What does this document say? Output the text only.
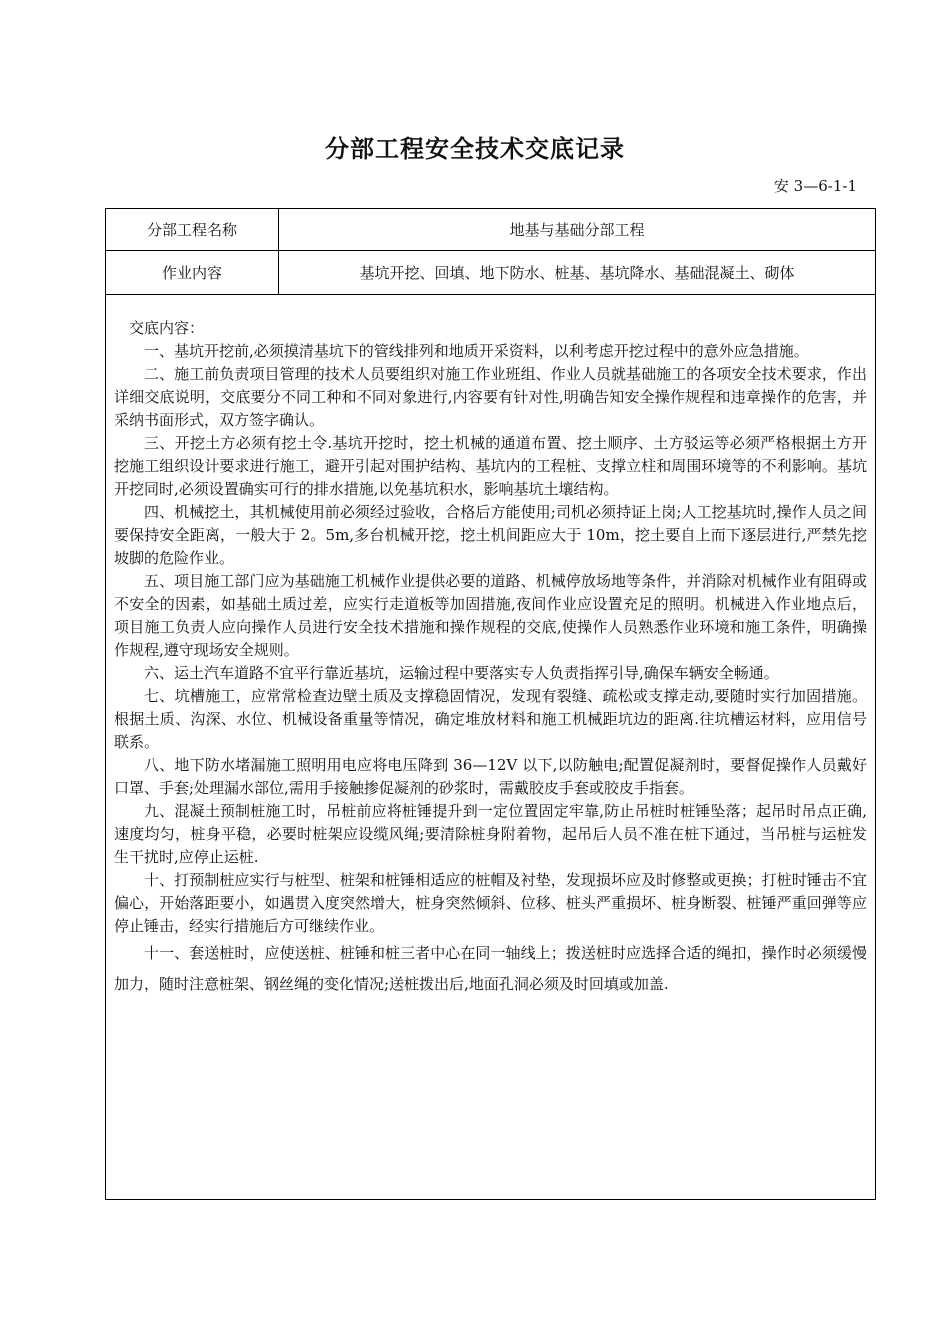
分部工程安全技术交底记录
安 3—6-1-1
分部工程名称	地基与基础分部工程
作业内容	基坑开挖、回填、地下防水、桩基、基坑降水、基础混凝土、砌体
交底内容：

一、基坑开挖前,必须摸清基坑下的管线排列和地质开采资料，以利考虑开挖过程中的意外应急措施。

二、施工前负责项目管理的技术人员要组织对施工作业班组、作业人员就基础施工的各项安全技术要求，作出详细交底说明，交底要分不同工种和不同对象进行,内容要有针对性,明确告知安全操作规程和违章操作的危害，并采纳书面形式，双方签字确认。

三、开挖土方必须有挖土令.基坑开挖时，挖土机械的通道布置、挖土顺序、土方驳运等必须严格根据土方开挖施工组织设计要求进行施工，避开引起对围护结构、基坑内的工程桩、支撑立柱和周围环境等的不利影响。基坑开挖同时,必须设置确实可行的排水措施,以免基坑积水，影响基坑土壤结构。

四、机械挖土，其机械使用前必须经过验收，合格后方能使用;司机必须持证上岗;人工挖基坑时,操作人员之间要保持安全距离，一般大于 2。5m,多台机械开挖，挖土机间距应大于 10m，挖土要自上而下逐层进行,严禁先挖坡脚的危险作业。

五、项目施工部门应为基础施工机械作业提供必要的道路、机械停放场地等条件，并消除对机械作业有阻碍或不安全的因素，如基础土质过差，应实行走道板等加固措施,夜间作业应设置充足的照明。机械进入作业地点后，项目施工负责人应向操作人员进行安全技术措施和操作规程的交底,使操作人员熟悉作业环境和施工条件，明确操作规程,遵守现场安全规则。

六、运土汽车道路不宜平行靠近基坑，运输过程中要落实专人负责指挥引导,确保车辆安全畅通。

七、坑槽施工，应常常检查边壁土质及支撑稳固情况，发现有裂缝、疏松或支撑走动,要随时实行加固措施。根据土质、沟深、水位、机械设备重量等情况，确定堆放材料和施工机械距坑边的距离.往坑槽运材料，应用信号联系。

八、地下防水堵漏施工照明用电应将电压降到 36—12V 以下,以防触电;配置促凝剂时，要督促操作人员戴好口罩、手套;处理漏水部位,需用手接触掺促凝剂的砂浆时，需戴胶皮手套或胶皮手指套。

九、混凝土预制桩施工时，吊桩前应将桩锤提升到一定位置固定牢靠,防止吊桩时桩锤坠落；起吊时吊点正确,速度均匀，桩身平稳，必要时桩架应设缆风绳;要清除桩身附着物，起吊后人员不准在桩下通过，当吊桩与运桩发生干扰时,应停止运桩.

十、打预制桩应实行与桩型、桩架和桩锤相适应的桩帽及衬垫，发现损坏应及时修整或更换；打桩时锤击不宜偏心，开始落距要小，如遇贯入度突然增大，桩身突然倾斜、位移、桩头严重损坏、桩身断裂、桩锤严重回弹等应停止锤击，经实行措施后方可继续作业。

十一、套送桩时，应使送桩、桩锤和桩三者中心在同一轴线上；拨送桩时应选择合适的绳扣，操作时必须缓慢加力，随时注意桩架、钢丝绳的变化情况;送桩拨出后,地面孔洞必须及时回填或加盖.
